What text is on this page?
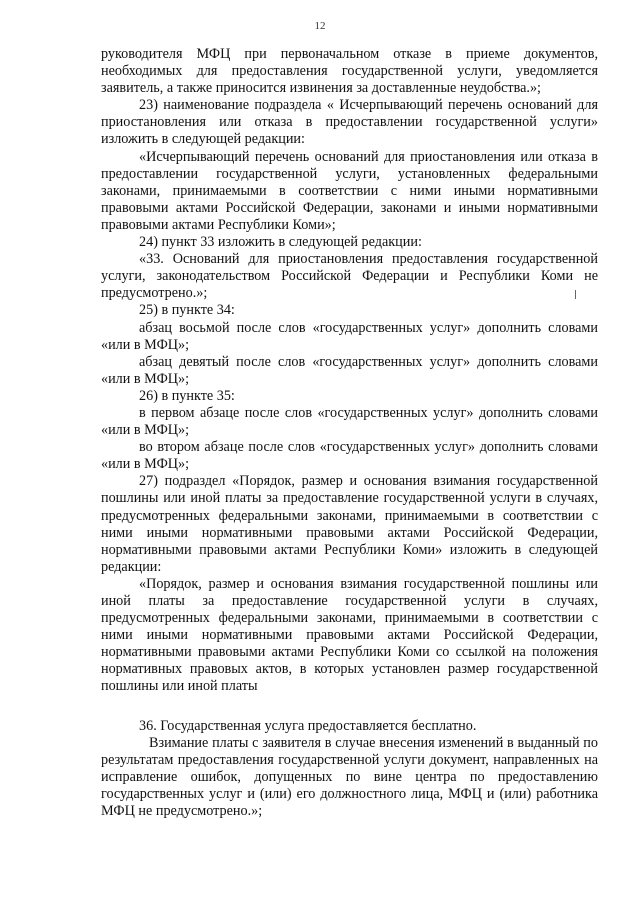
12

руководителя МФЦ при первоначальном отказе в приеме документов, необходимых для предоставления государственной услуги, уведомляется заявитель, а также приносится извинения за доставленные неудобства.»;

23) наименование подраздела « Исчерпывающий перечень оснований для приостановления или отказа в предоставлении государственной услуги» изложить в следующей редакции:

«Исчерпывающий перечень оснований для приостановления или отказа в предоставлении государственной услуги, установленных федеральными законами, принимаемыми в соответствии с ними иными нормативными правовыми актами Российской Федерации, законами и иными нормативными правовыми актами Республики Коми»;

24) пункт 33 изложить в следующей редакции:

«33. Оснований для приостановления предоставления государственной услуги, законодательством Российской Федерации и Республики Коми не предусмотрено.»;

25) в пункте 34:

абзац восьмой после слов «государственных услуг» дополнить словами «или в МФЦ»;

абзац девятый после слов «государственных услуг» дополнить словами «или в МФЦ»;

26) в пункте 35:

в первом абзаце после слов «государственных услуг» дополнить словами «или в МФЦ»;

во втором абзаце после слов «государственных услуг» дополнить словами «или в МФЦ»;

27) подраздел «Порядок, размер и основания взимания государственной пошлины или иной платы за предоставление государственной услуги в случаях, предусмотренных федеральными законами, принимаемыми в соответствии с ними иными нормативными правовыми актами Российской Федерации, нормативными правовыми актами Республики Коми» изложить в следующей редакции:

«Порядок, размер и основания взимания государственной пошлины или иной платы за предоставление государственной услуги в случаях, предусмотренных федеральными законами, принимаемыми в соответствии с ними иными нормативными правовыми актами Российской Федерации, нормативными правовыми актами Республики Коми со ссылкой на положения нормативных правовых актов, в которых установлен размер государственной пошлины или иной платы

36. Государственная услуга предоставляется бесплатно.

Взимание платы с заявителя в случае внесения изменений в выданный по результатам предоставления государственной услуги документ, направленных на исправление ошибок, допущенных по вине центра по предоставлению государственных услуг и (или) его должностного лица, МФЦ и (или) работника МФЦ не предусмотрено.»;
